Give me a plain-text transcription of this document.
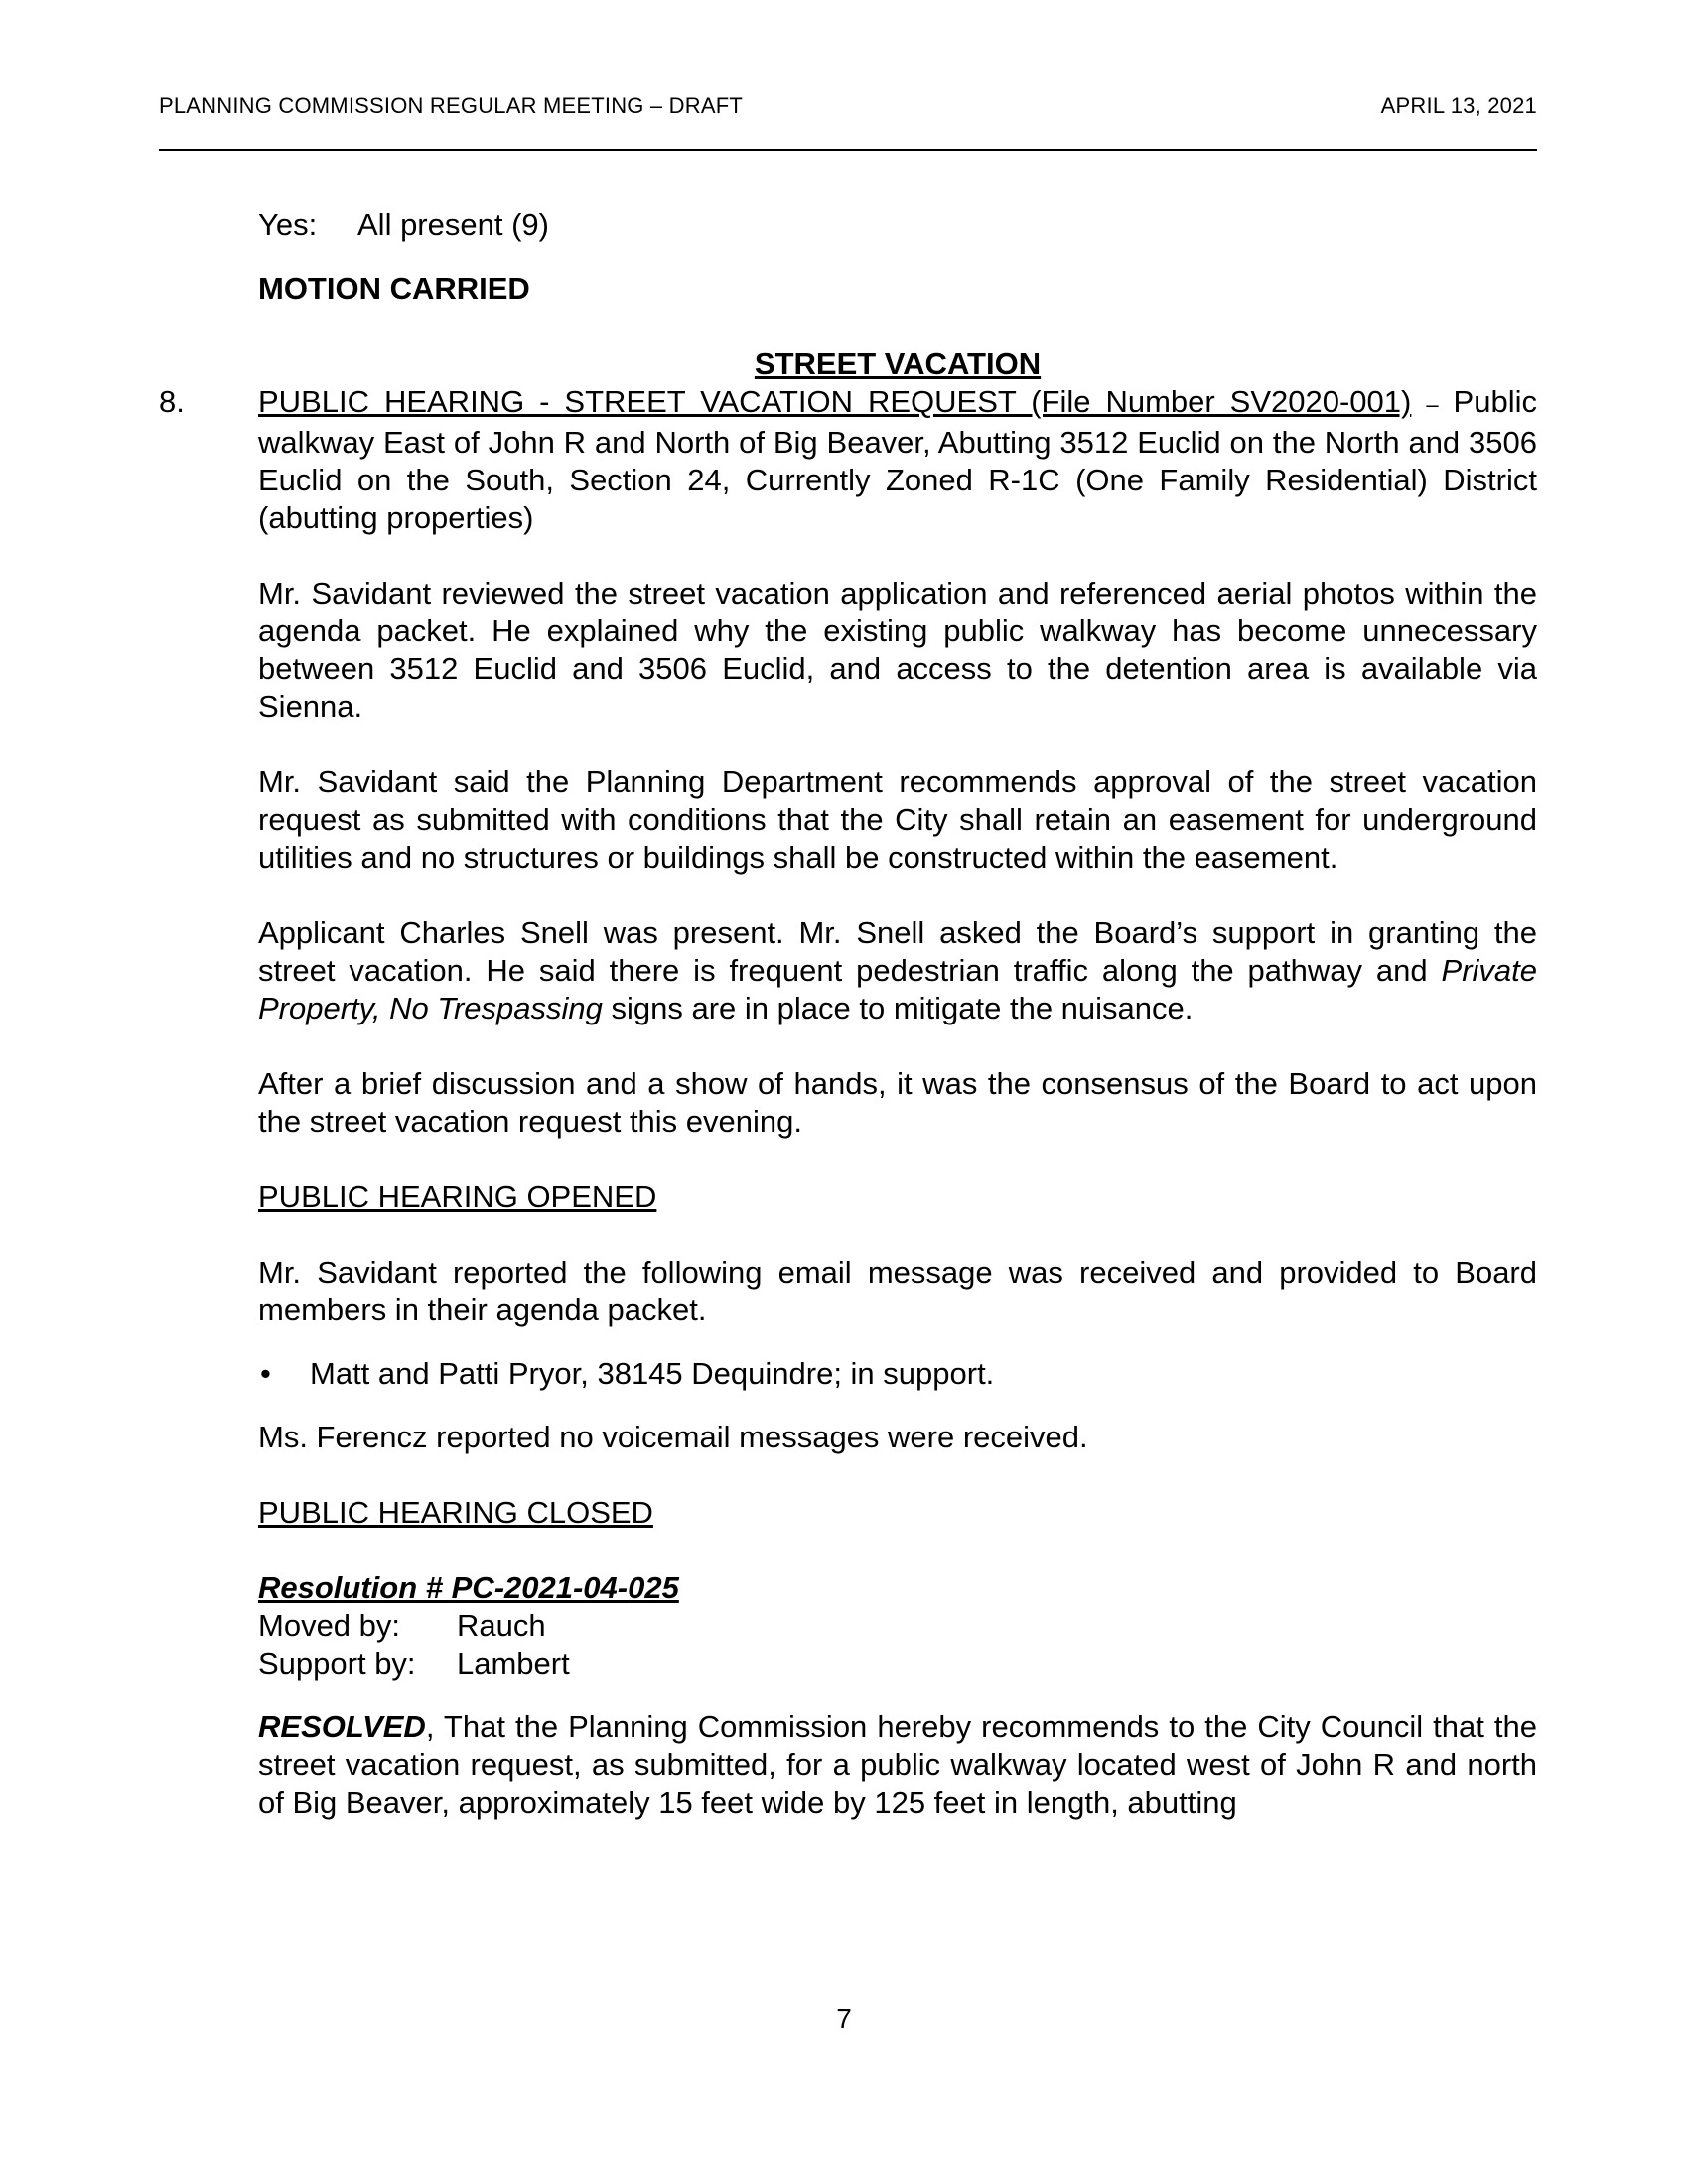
PLANNING COMMISSION REGULAR MEETING – DRAFT	APRIL 13, 2021
Yes:	All present (9)

MOTION CARRIED

STREET VACATION

8. PUBLIC HEARING - STREET VACATION REQUEST (File Number SV2020-001) – Public walkway East of John R and North of Big Beaver, Abutting 3512 Euclid on the North and 3506 Euclid on the South, Section 24, Currently Zoned R-1C (One Family Residential) District (abutting properties)

Mr. Savidant reviewed the street vacation application and referenced aerial photos within the agenda packet. He explained why the existing public walkway has become unnecessary between 3512 Euclid and 3506 Euclid, and access to the detention area is available via Sienna.

Mr. Savidant said the Planning Department recommends approval of the street vacation request as submitted with conditions that the City shall retain an easement for underground utilities and no structures or buildings shall be constructed within the easement.

Applicant Charles Snell was present. Mr. Snell asked the Board’s support in granting the street vacation. He said there is frequent pedestrian traffic along the pathway and Private Property, No Trespassing signs are in place to mitigate the nuisance.

After a brief discussion and a show of hands, it was the consensus of the Board to act upon the street vacation request this evening.

PUBLIC HEARING OPENED

Mr. Savidant reported the following email message was received and provided to Board members in their agenda packet.

•	Matt and Patti Pryor, 38145 Dequindre; in support.

Ms. Ferencz reported no voicemail messages were received.

PUBLIC HEARING CLOSED

Resolution # PC-2021-04-025

Moved by:	Rauch
Support by:	Lambert

RESOLVED, That the Planning Commission hereby recommends to the City Council that the street vacation request, as submitted, for a public walkway located west of John R and north of Big Beaver, approximately 15 feet wide by 125 feet in length, abutting

7
